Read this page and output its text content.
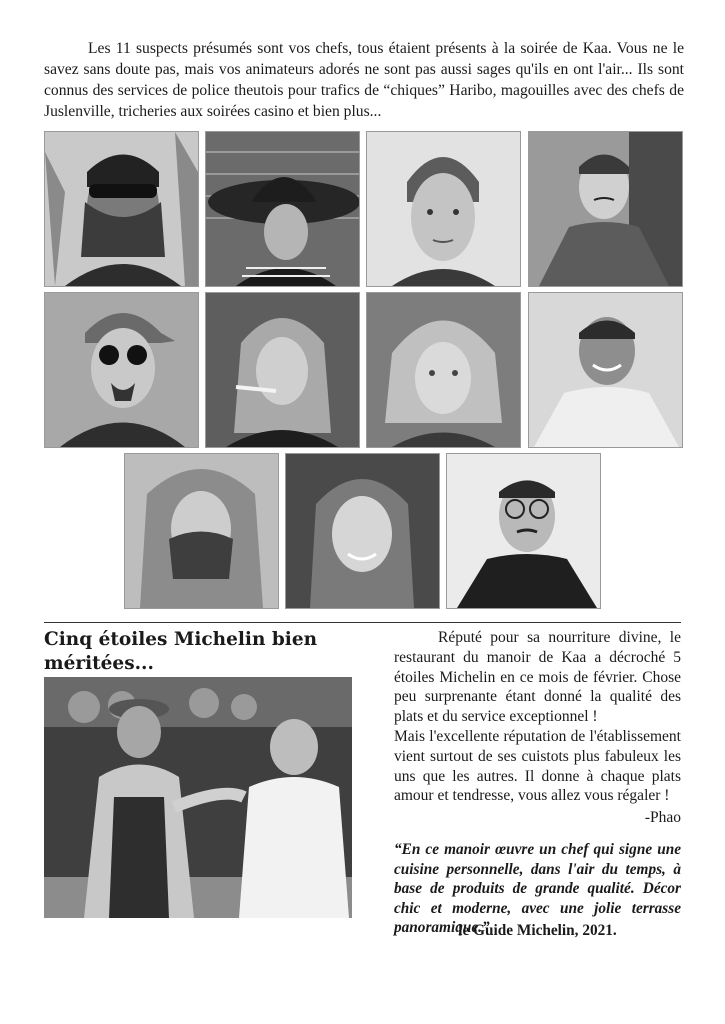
Les 11 suspects présumés sont vos chefs, tous étaient présents à la soirée de Kaa. Vous ne le savez sans doute pas, mais vos animateurs adorés ne sont pas aussi sages qu'ils en ont l'air... Ils sont connus des services de police theutois pour trafics de “chiques” Haribo, magouilles avec des chefs de Juslenville, tricheries aux soirées casino et bien plus...

Cinq étoiles Michelin bien méritées...

Réputé pour sa nourriture divine, le restaurant du manoir de Kaa a décroché 5 étoiles Michelin en ce mois de février. Chose peu surprenante étant donné la qualité des plats et du service exceptionnel !

Mais l'excellente réputation de l'établissement vient surtout de ses cuistots plus fabuleux les uns que les autres. Il donne à chaque plats amour et tendresse, vous allez vous régaler !

-Phao

“En ce manoir œuvre un chef qui signe une cuisine personnelle, dans l'air du temps, à base de produits de grande qualité. Décor chic et moderne, avec une jolie terrasse panoramique.”

le Guide Michelin, 2021.
